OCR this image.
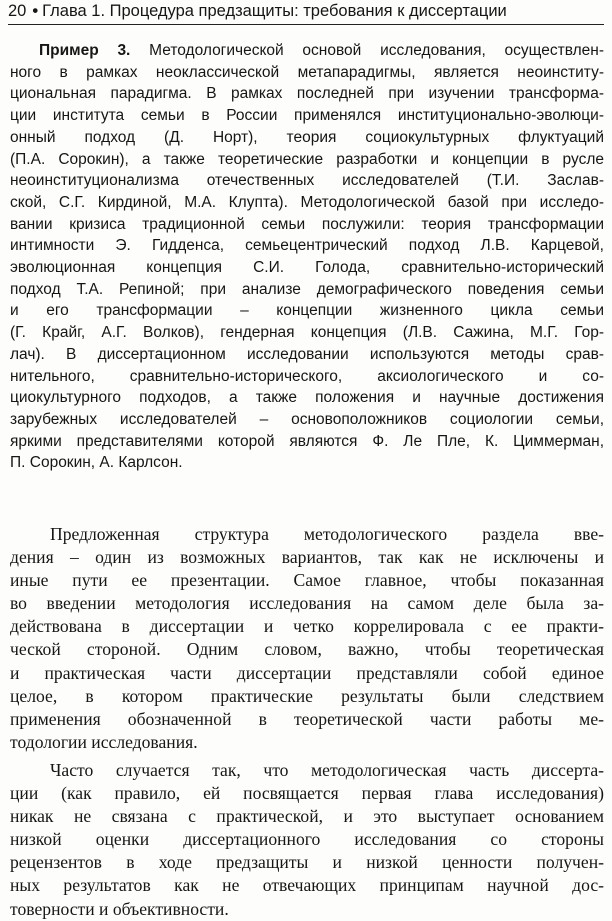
20 • Глава 1. Процедура предзащиты: требования к диссертации
Пример 3. Методологической основой исследования, осуществлен-
ного в рамках неоклассической метапарадигмы, является неоинститу-
циональная парадигма. В рамках последней при изучении трансформа-
ции института семьи в России применялся институционально-эволюци-
онный подход (Д. Норт), теория социокультурных флуктуаций
(П.А. Сорокин), а также теоретические разработки и концепции в русле
неоинституционализма отечественных исследователей (Т.И. Заслав-
ской, С.Г. Кирдиной, М.А. Клупта). Методологической базой при исследо-
вании кризиса традиционной семьи послужили: теория трансформации
интимности Э. Гидденса, семьецентрический подход Л.В. Карцевой,
эволюционная концепция С.И. Голода, сравнительно-исторический
подход Т.А. Репиной; при анализе демографического поведения семьи
и его трансформации – концепции жизненного цикла семьи
(Г. Крайг, А.Г. Волков), гендерная концепция (Л.В. Сажина, М.Г. Гор-
лач). В диссертационном исследовании используются методы срав-
нительного, сравнительно-исторического, аксиологического и со-
циокультурного подходов, а также положения и научные достижения
зарубежных исследователей – основоположников социологии семьи,
яркими представителями которой являются Ф. Ле Пле, К. Циммерман,
П. Сорокин, А. Карлсон.
Предложенная структура методологического раздела вве-
дения – один из возможных вариантов, так как не исключены и
иные пути ее презентации. Самое главное, чтобы показанная
во введении методология исследования на самом деле была за-
действована в диссертации и четко коррелировала с ее практи-
ческой стороной. Одним словом, важно, чтобы теоретическая
и практическая части диссертации представляли собой единое
целое, в котором практические результаты были следствием
применения обозначенной в теоретической части работы ме-
тодологии исследования.
Часто случается так, что методологическая часть диссерта-
ции (как правило, ей посвящается первая глава исследования)
никак не связана с практической, и это выступает основанием
низкой оценки диссертационного исследования со стороны
рецензентов в ходе предзащиты и низкой ценности получен-
ных результатов как не отвечающих принципам научной дос-
товерности и объективности.
